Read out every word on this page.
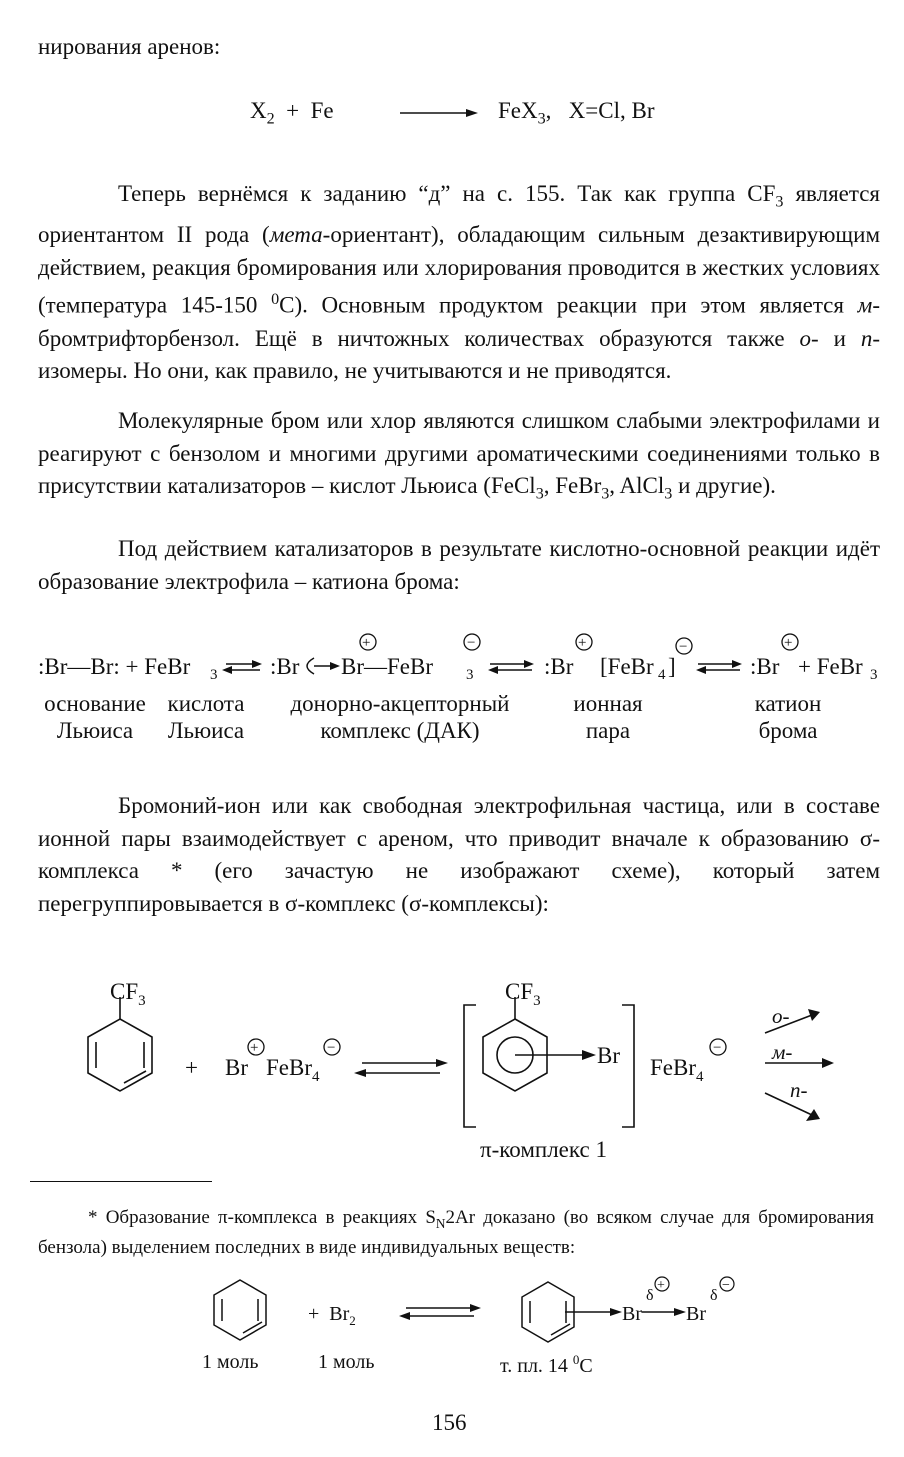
нирования аренов:
$X_2 + Fe$	FeX$_3$,   X=Cl, Br
Теперь вернёмся к заданию “д” на с. 155. Так как группа $CF_3$ является ориентантом II рода (мета-ориентант), обладающим сильным дезактивирующим действием, реакция бромирования или хлорирования проводится в жестких условиях (температура 145-150 $^0$С). Основным продуктом реакции при этом является м-бромтрифторбензол. Ещё в ничтожных количествах образуются также о- и п-изомеры. Но они, как правило, не учитываются и не приводятся.
Молекулярные бром или хлор являются слишком слабыми электрофилами и реагируют с бензолом и многими другими ароматическими соединениями только в присутствии катализаторов – кислот Льюиса (FeCl$_3$, FeBr$_3$, AlCl$_3$ и другие).
Под действием катализаторов в результате кислотно-основной реакции идёт образование электрофила – катиона брома:
:Br—Br: + FeBr 3 :Br Br—FeBr 3
+	−
:Br
+
[FeBr 4 ]
−
:Br
+
+ FeBr 3
основание
Льюиса
кислота
Льюиса
донорно-акцепторный
комплекс (ДАК)
ионная
пара
катион
брома
Бромоний-ион или как свободная электрофильная частица, или в составе ионной пары взаимодействует с ареном, что приводит вначале к образованию σ-комплекса * (его зачастую не изображают схеме), который затем перегруппировывается в σ-комплекс (σ-комплексы):
$CF_3$
+ Br
+
FeBr$_4$
−
$CF_3$
Br FeBr$_4$
−
о-
м-
п-
π-комплекс 1
* Образование π-комплекса в реакциях $S_N2Ar$ доказано (во всяком случае для бромирования бензола) выделением последних в виде индивидуальных веществ:
+  $Br_2$	Br
δ
+
Br
δ
−
1 моль	1 моль	т. пл. 14 $^0$С
156
